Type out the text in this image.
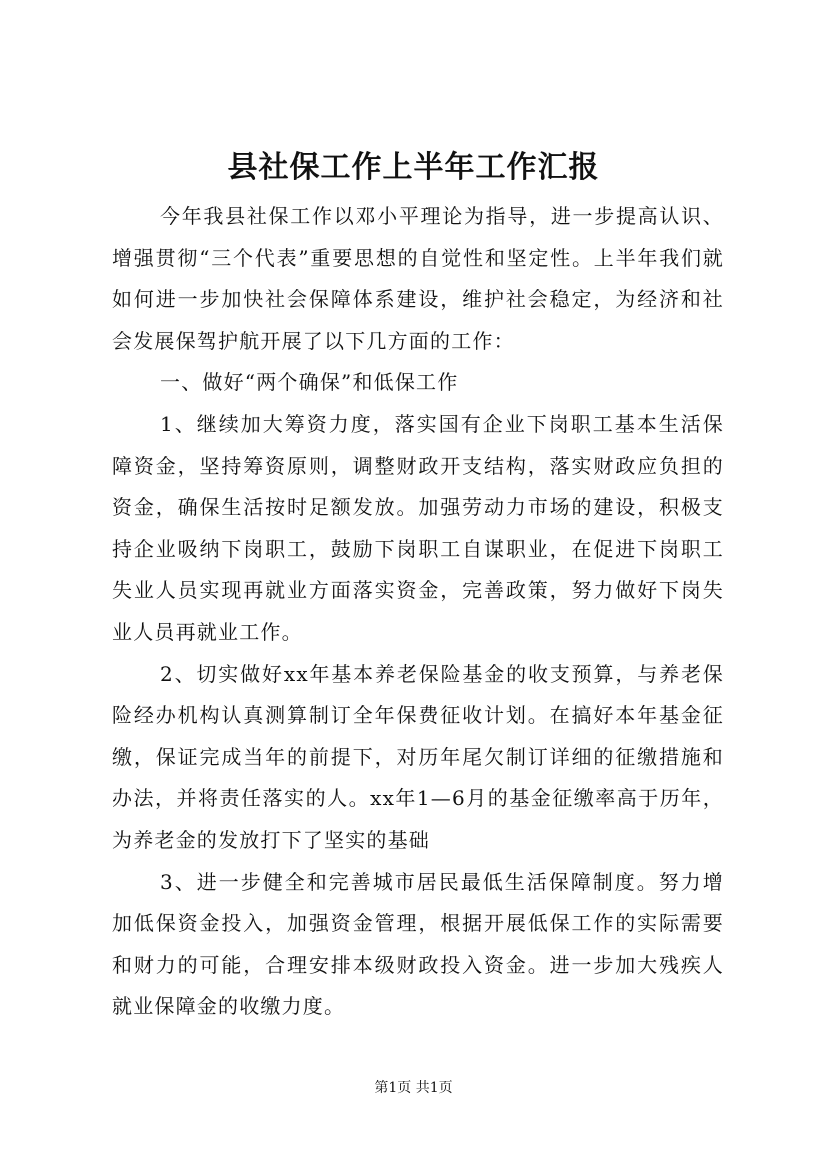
县社保工作上半年工作汇报

今年我县社保工作以邓小平理论为指导，进一步提高认识、增强贯彻“三个代表”重要思想的自觉性和坚定性。上半年我们就如何进一步加快社会保障体系建设，维护社会稳定，为经济和社会发展保驾护航开展了以下几方面的工作：

一、做好“两个确保”和低保工作

1、继续加大筹资力度，落实国有企业下岗职工基本生活保障资金，坚持筹资原则，调整财政开支结构，落实财政应负担的资金，确保生活按时足额发放。加强劳动力市场的建设，积极支持企业吸纳下岗职工，鼓励下岗职工自谋职业，在促进下岗职工失业人员实现再就业方面落实资金，完善政策，努力做好下岗失业人员再就业工作。

2、切实做好xx年基本养老保险基金的收支预算，与养老保险经办机构认真测算制订全年保费征收计划。在搞好本年基金征缴，保证完成当年的前提下，对历年尾欠制订详细的征缴措施和办法，并将责任落实的人。xx年1—6月的基金征缴率高于历年，为养老金的发放打下了坚实的基础

3、进一步健全和完善城市居民最低生活保障制度。努力增加低保资金投入，加强资金管理，根据开展低保工作的实际需要和财力的可能，合理安排本级财政投入资金。进一步加大残疾人就业保障金的收缴力度。

第1页 共1页
